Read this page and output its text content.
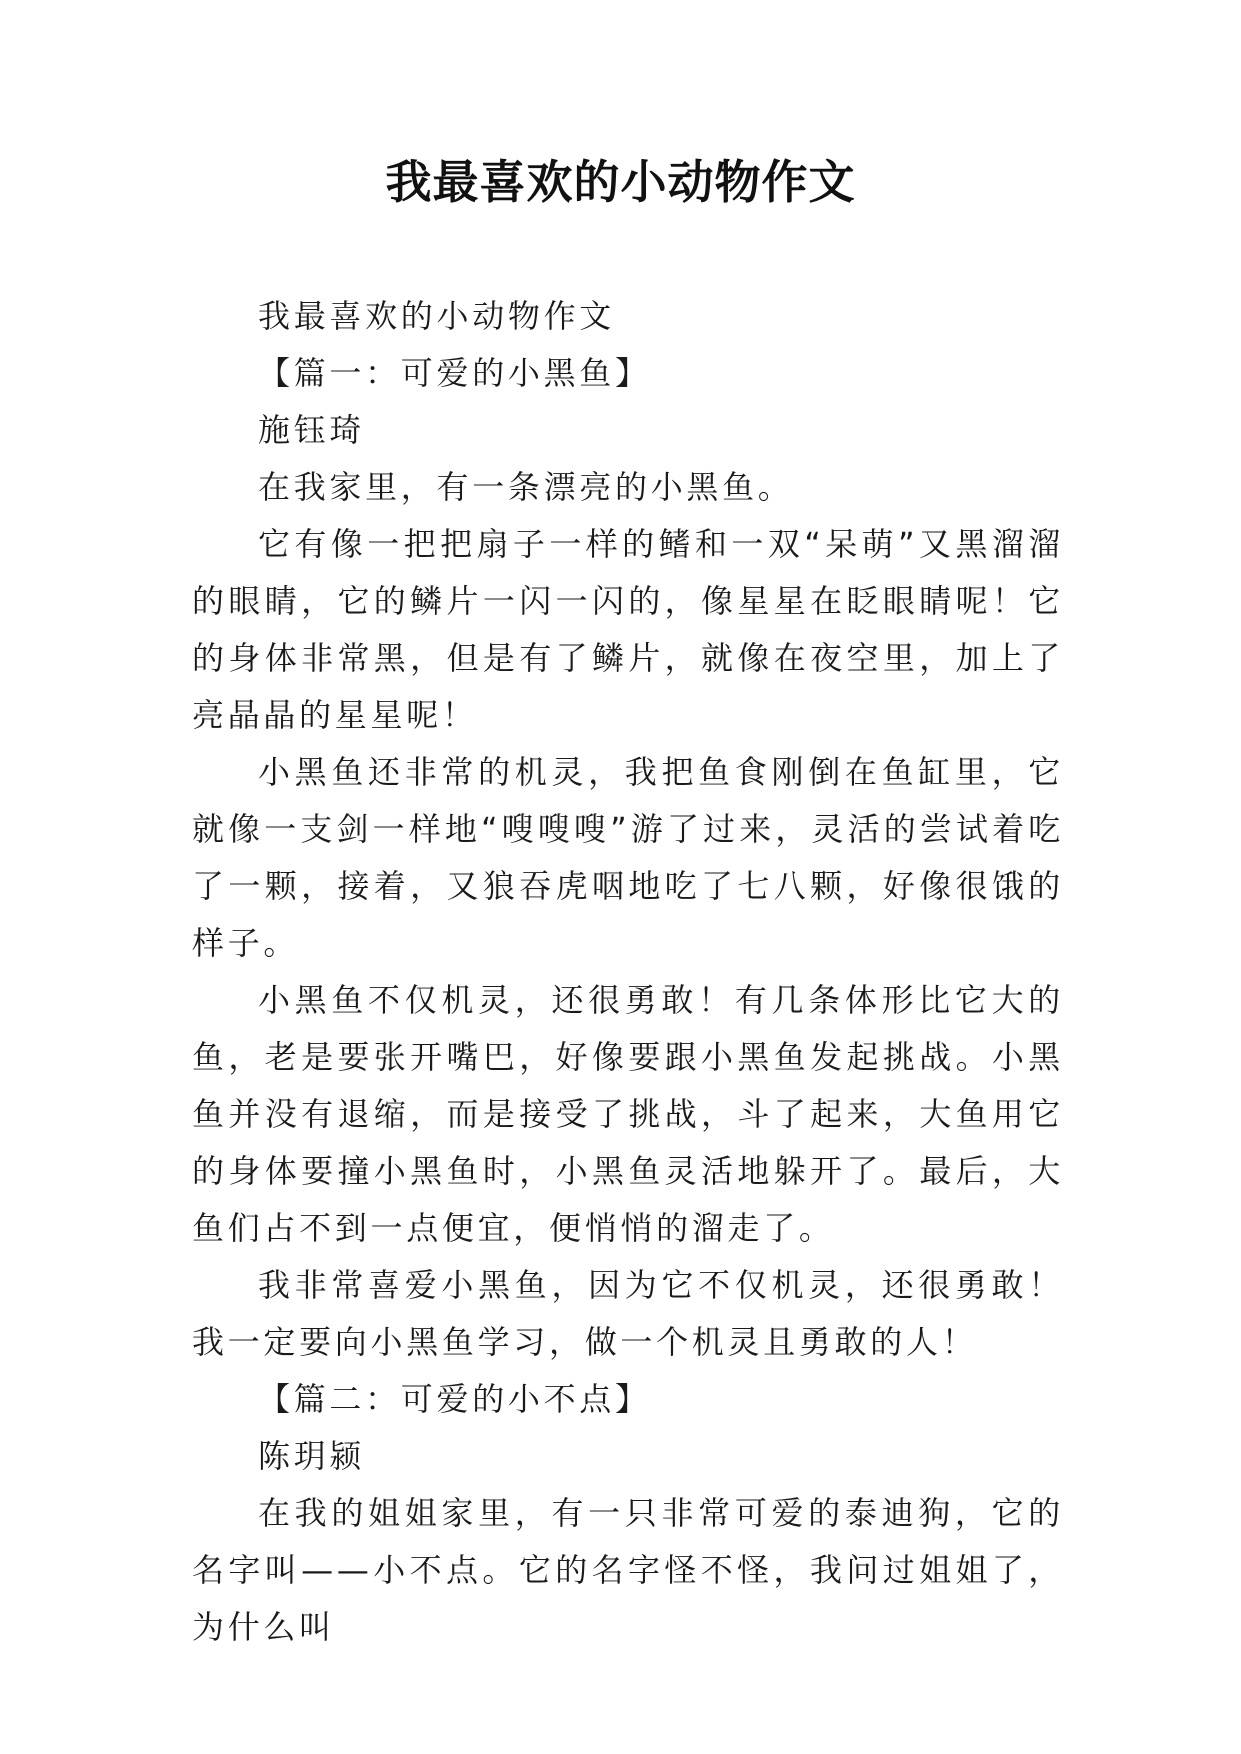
我最喜欢的小动物作文

我最喜欢的小动物作文

【篇一：可爱的小黑鱼】

施钰琦

在我家里，有一条漂亮的小黑鱼。

它有像一把把扇子一样的鳍和一双“呆萌”又黑溜溜的眼睛，它的鳞片一闪一闪的，像星星在眨眼睛呢！它的身体非常黑，但是有了鳞片，就像在夜空里，加上了亮晶晶的星星呢！

小黑鱼还非常的机灵，我把鱼食刚倒在鱼缸里，它就像一支剑一样地“嗖嗖嗖”游了过来，灵活的尝试着吃了一颗，接着，又狼吞虎咽地吃了七八颗，好像很饿的样子。

小黑鱼不仅机灵，还很勇敢！有几条体形比它大的鱼，老是要张开嘴巴，好像要跟小黑鱼发起挑战。小黑鱼并没有退缩，而是接受了挑战，斗了起来，大鱼用它的身体要撞小黑鱼时，小黑鱼灵活地躲开了。最后，大鱼们占不到一点便宜，便悄悄的溜走了。

我非常喜爱小黑鱼，因为它不仅机灵，还很勇敢！我一定要向小黑鱼学习，做一个机灵且勇敢的人！

【篇二：可爱的小不点】

陈玥颍

在我的姐姐家里，有一只非常可爱的泰迪狗，它的名字叫——小不点。它的名字怪不怪，我问过姐姐了，为什么叫
